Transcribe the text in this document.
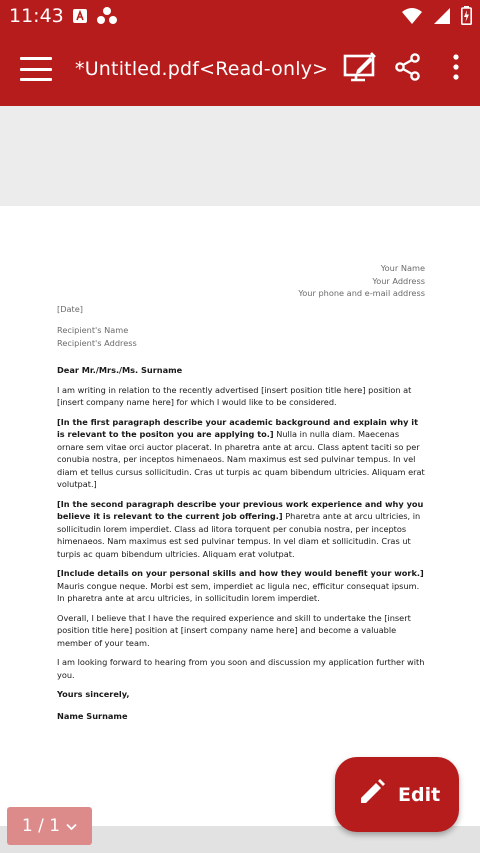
11:43
*Untitled.pdf<Read-only>
Your Name
Your Address
Your phone and e-mail address
[Date]
Recipient's Name
Recipient's Address
Dear Mr./Mrs./Ms. Surname

I am writing in relation to the recently advertised [insert position title here] position at [insert company name here] for which I would like to be considered.

[In the first paragraph describe your academic background and explain why it is relevant to the positon you are applying to.] Nulla in nulla diam. Maecenas ornare sem vitae orci auctor placerat. In pharetra ante at arcu. Class aptent taciti so per conubia nostra, per inceptos himenaeos. Nam maximus est sed pulvinar tempus. In vel diam et tellus cursus sollicitudin. Cras ut turpis ac quam bibendum ultricies. Aliquam erat volutpat.]

[In the second paragraph describe your previous work experience and why you believe it is relevant to the current job offering.] Pharetra ante at arcu ultricies, in sollicitudin lorem imperdiet. Class ad litora torquent per conubia nostra, per inceptos himenaeos. Nam maximus est sed pulvinar tempus. In vel diam et sollicitudin. Cras ut turpis ac quam bibendum ultricies. Aliquam erat volutpat.

[Include details on your personal skills and how they would benefit your work.] Mauris congue neque. Morbi est sem, imperdiet ac ligula nec, efficitur consequat ipsum. In pharetra ante at arcu ultricies, in sollicitudin lorem imperdiet.

Overall, I believe that I have the required experience and skill to undertake the [insert position title here] position at [insert company name here] and become a valuable member of your team.

I am looking forward to hearing from you soon and discussion my application further with you.

Yours sincerely,
Name Surname
1 / 1
Edit
